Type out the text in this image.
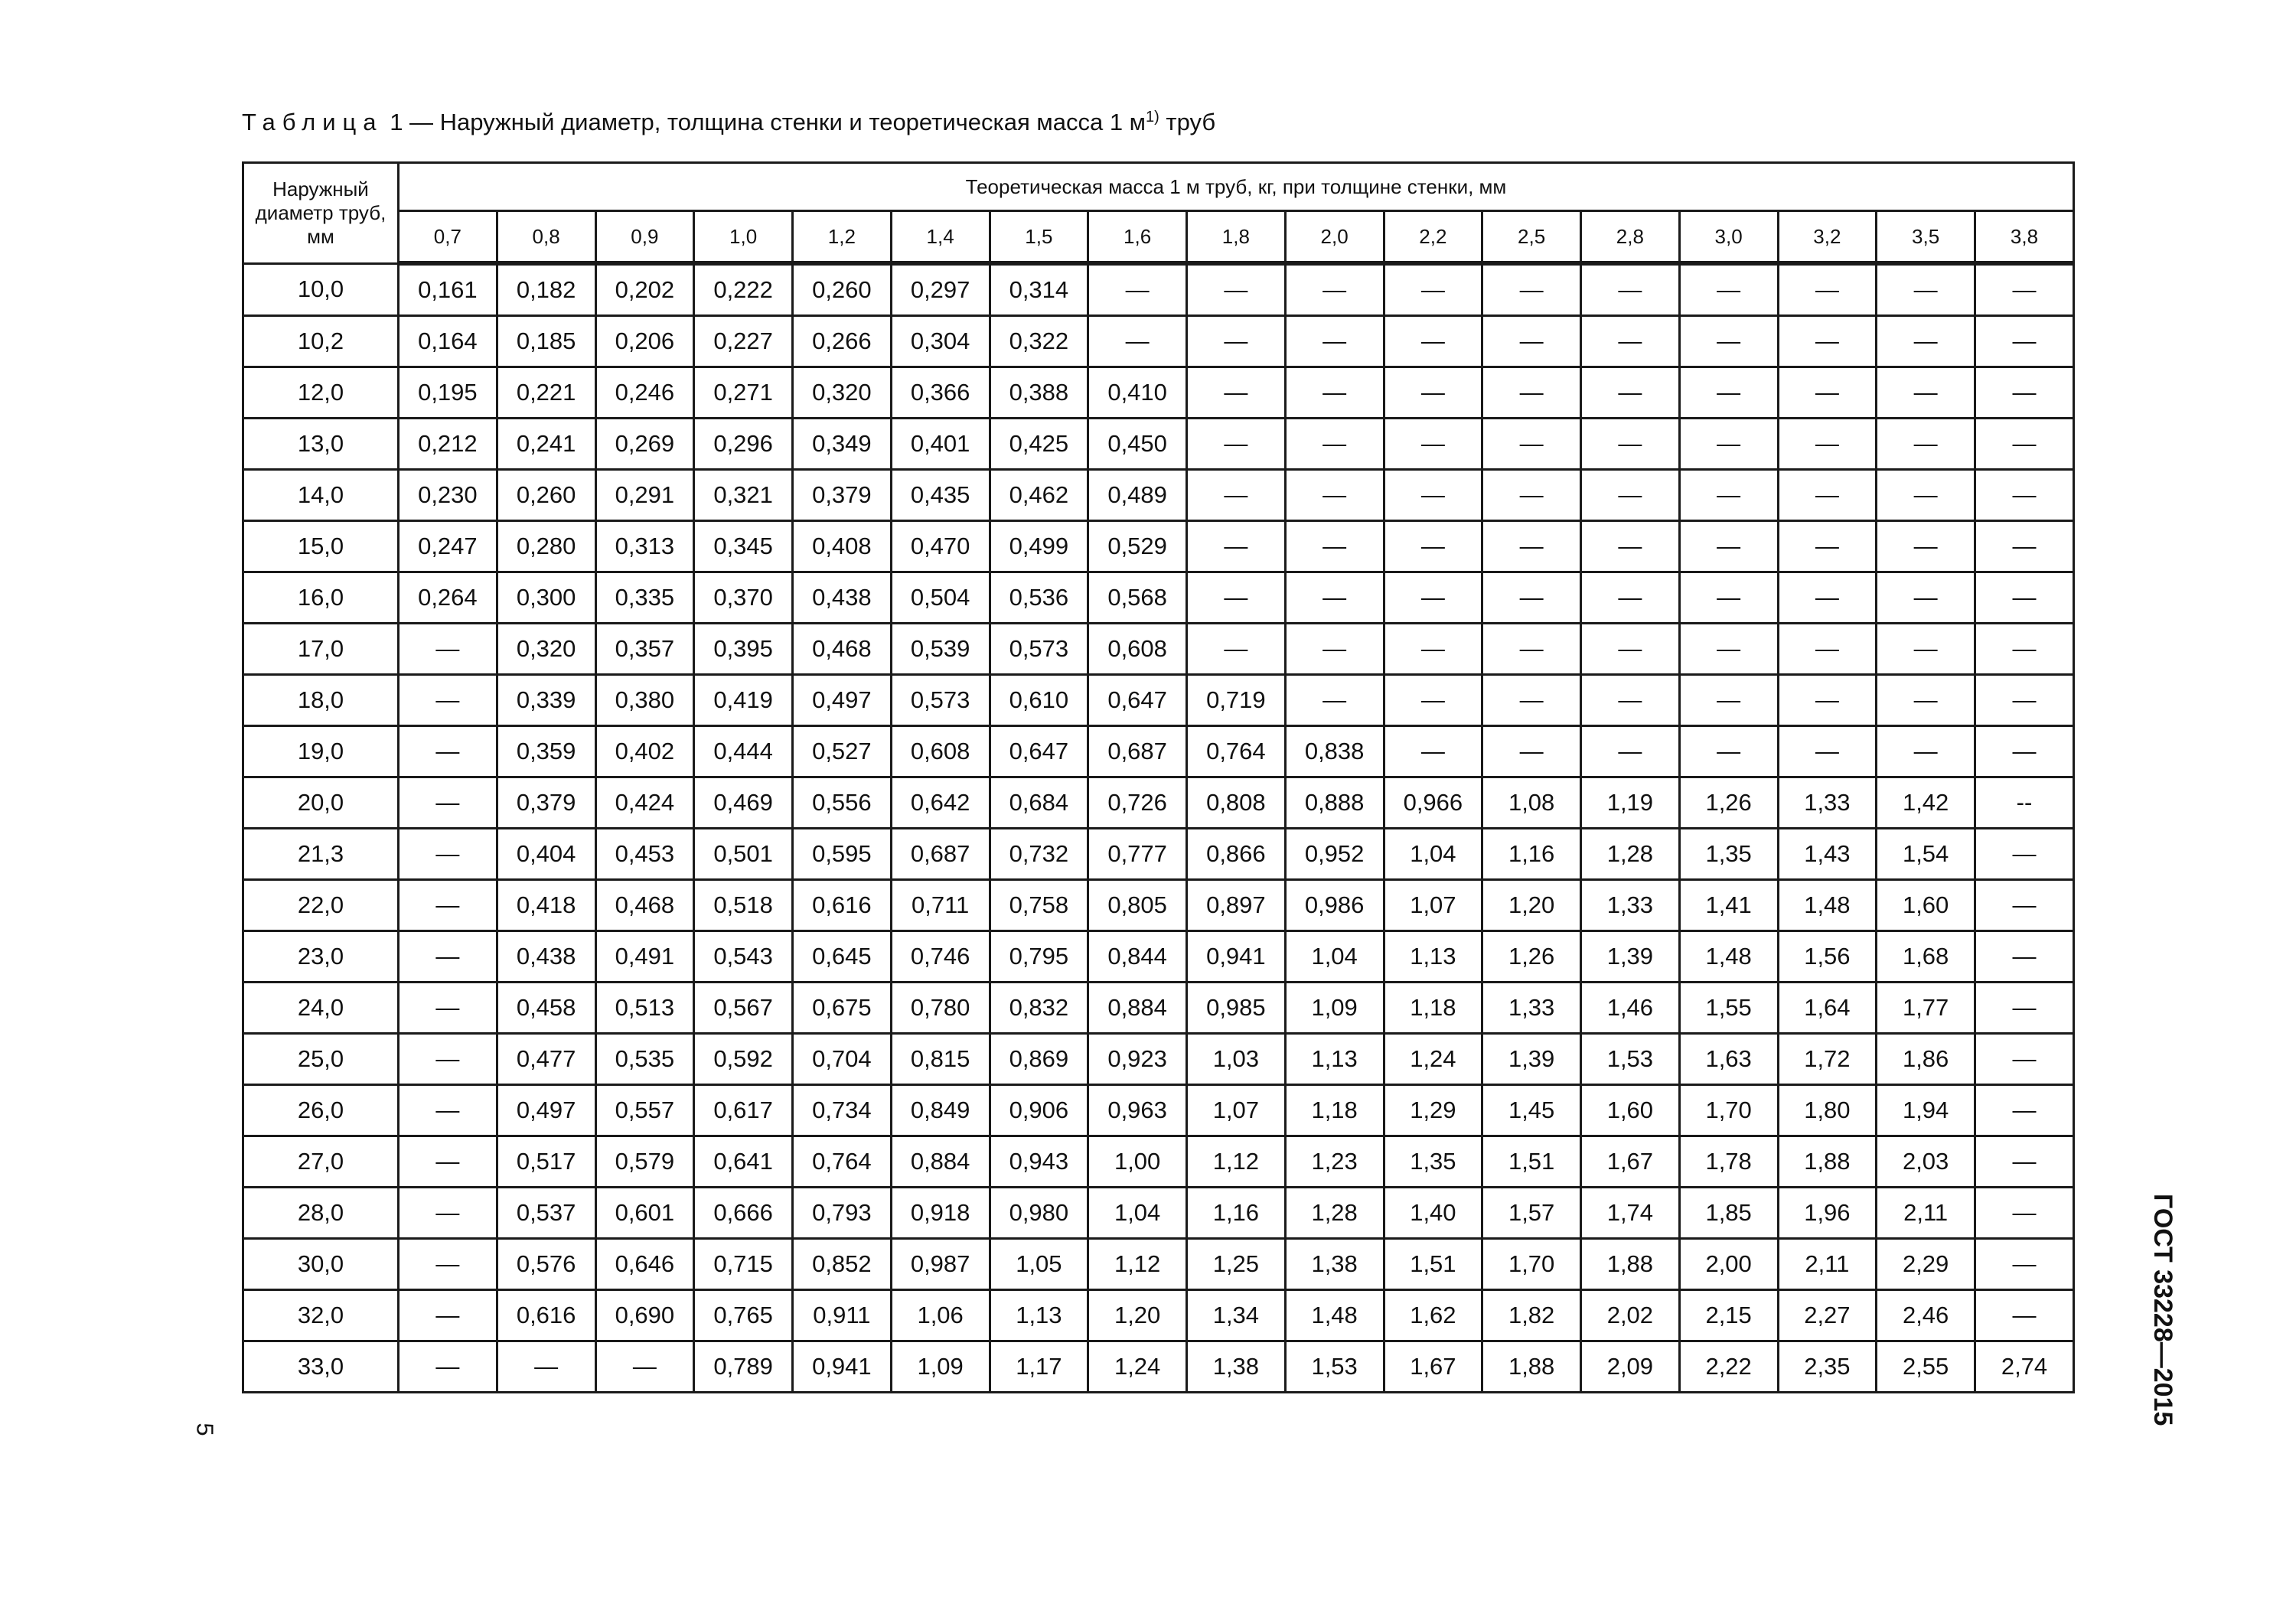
Таблица 1 — Наружный диаметр, толщина стенки и теоретическая масса 1 $м^{1)}$ труб
Наружный диаметр труб, мм	Теоретическая масса 1 м труб, кг, при толщине стенки, мм																
	0,7	0,8	0,9	1,0	1,2	1,4	1,5	1,6	1,8	2,0	2,2	2,5	2,8	3,0	3,2	3,5	3,8
10,0	0,161	0,182	0,202	0,222	0,260	0,297	0,314	—	—	—	—	—	—	—	—	—	—
10,2	0,164	0,185	0,206	0,227	0,266	0,304	0,322	—	—	—	—	—	—	—	—	—	—
12,0	0,195	0,221	0,246	0,271	0,320	0,366	0,388	0,410	—	—	—	—	—	—	—	—	—
13,0	0,212	0,241	0,269	0,296	0,349	0,401	0,425	0,450	—	—	—	—	—	—	—	—	—
14,0	0,230	0,260	0,291	0,321	0,379	0,435	0,462	0,489	—	—	—	—	—	—	—	—	—
15,0	0,247	0,280	0,313	0,345	0,408	0,470	0,499	0,529	—	—	—	—	—	—	—	—	—
16,0	0,264	0,300	0,335	0,370	0,438	0,504	0,536	0,568	—	—	—	—	—	—	—	—	—
17,0	—	0,320	0,357	0,395	0,468	0,539	0,573	0,608	—	—	—	—	—	—	—	—	—
18,0	—	0,339	0,380	0,419	0,497	0,573	0,610	0,647	0,719	—	—	—	—	—	—	—	—
19,0	—	0,359	0,402	0,444	0,527	0,608	0,647	0,687	0,764	0,838	—	—	—	—	—	—	—
20,0	—	0,379	0,424	0,469	0,556	0,642	0,684	0,726	0,808	0,888	0,966	1,08	1,19	1,26	1,33	1,42	--
21,3	—	0,404	0,453	0,501	0,595	0,687	0,732	0,777	0,866	0,952	1,04	1,16	1,28	1,35	1,43	1,54	—
22,0	—	0,418	0,468	0,518	0,616	0,711	0,758	0,805	0,897	0,986	1,07	1,20	1,33	1,41	1,48	1,60	—
23,0	—	0,438	0,491	0,543	0,645	0,746	0,795	0,844	0,941	1,04	1,13	1,26	1,39	1,48	1,56	1,68	—
24,0	—	0,458	0,513	0,567	0,675	0,780	0,832	0,884	0,985	1,09	1,18	1,33	1,46	1,55	1,64	1,77	—
25,0	—	0,477	0,535	0,592	0,704	0,815	0,869	0,923	1,03	1,13	1,24	1,39	1,53	1,63	1,72	1,86	—
26,0	—	0,497	0,557	0,617	0,734	0,849	0,906	0,963	1,07	1,18	1,29	1,45	1,60	1,70	1,80	1,94	—
27,0	—	0,517	0,579	0,641	0,764	0,884	0,943	1,00	1,12	1,23	1,35	1,51	1,67	1,78	1,88	2,03	—
28,0	—	0,537	0,601	0,666	0,793	0,918	0,980	1,04	1,16	1,28	1,40	1,57	1,74	1,85	1,96	2,11	—
30,0	—	0,576	0,646	0,715	0,852	0,987	1,05	1,12	1,25	1,38	1,51	1,70	1,88	2,00	2,11	2,29	—
32,0	—	0,616	0,690	0,765	0,911	1,06	1,13	1,20	1,34	1,48	1,62	1,82	2,02	2,15	2,27	2,46	—
33,0	—	—	—	0,789	0,941	1,09	1,17	1,24	1,38	1,53	1,67	1,88	2,09	2,22	2,35	2,55	2,74	ГОСТ 33228—2015
5
